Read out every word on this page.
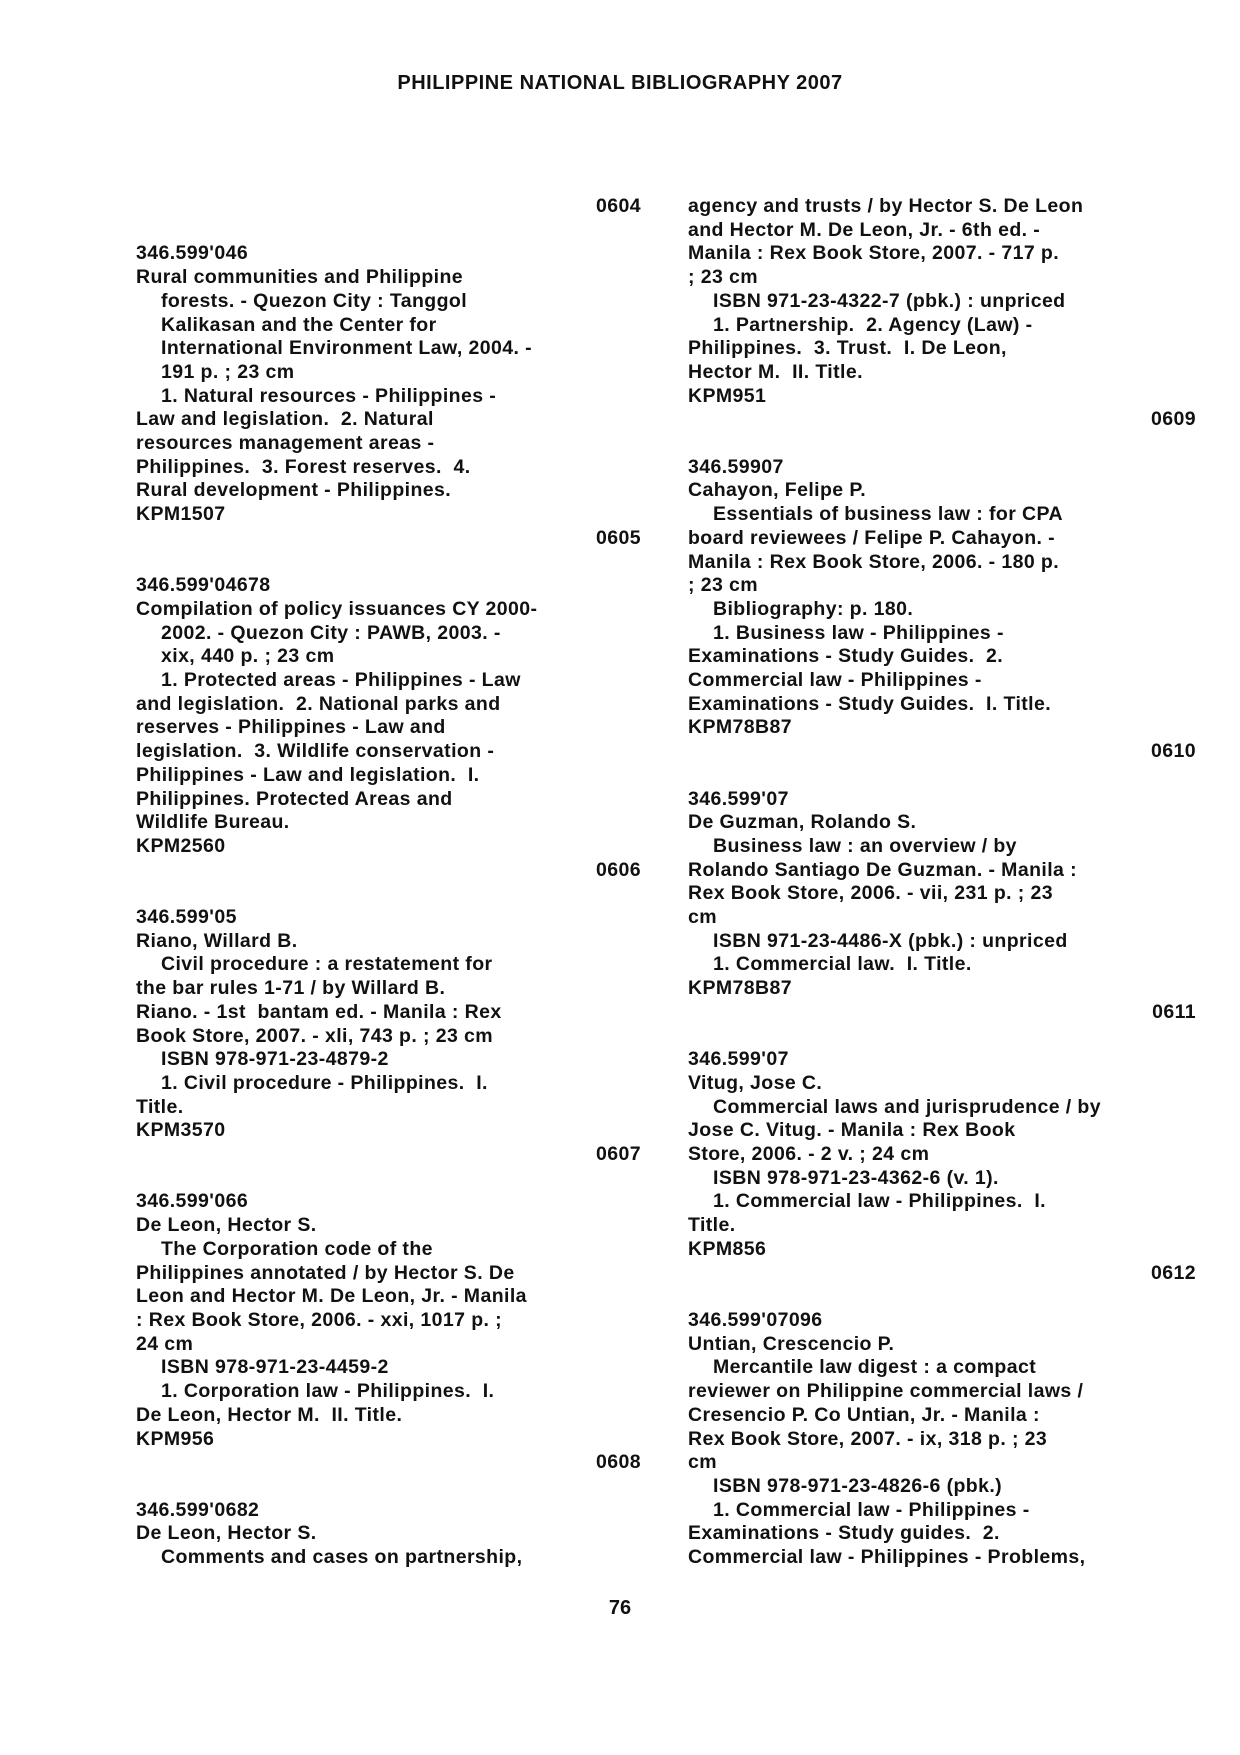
PHILIPPINE NATIONAL BIBLIOGRAPHY 2007
0604
346.599'046
Rural communities and Philippine
forests. - Quezon City : Tanggol
Kalikasan and the Center for
International Environment Law, 2004. -
191 p. ; 23 cm
1. Natural resources - Philippines -
Law and legislation.  2. Natural
resources management areas -
Philippines.  3. Forest reserves.  4.
Rural development - Philippines.
KPM1507
0605
346.599'04678
Compilation of policy issuances CY 2000-
2002. - Quezon City : PAWB, 2003. -
xix, 440 p. ; 23 cm
1. Protected areas - Philippines - Law
and legislation.  2. National parks and
reserves - Philippines - Law and
legislation.  3. Wildlife conservation -
Philippines - Law and legislation.  I.
Philippines. Protected Areas and
Wildlife Bureau.
KPM2560
0606
346.599'05
Riano, Willard B.
Civil procedure : a restatement for
the bar rules 1-71 / by Willard B.
Riano. - 1st  bantam ed. - Manila : Rex
Book Store, 2007. - xli, 743 p. ; 23 cm
ISBN 978-971-23-4879-2
1. Civil procedure - Philippines.  I.
Title.
KPM3570
0607
346.599'066
De Leon, Hector S.
The Corporation code of the
Philippines annotated / by Hector S. De
Leon and Hector M. De Leon, Jr. - Manila
: Rex Book Store, 2006. - xxi, 1017 p. ;
24 cm
ISBN 978-971-23-4459-2
1. Corporation law - Philippines.  I.
De Leon, Hector M.  II. Title.
KPM956
0608
346.599'0682
De Leon, Hector S.
Comments and cases on partnership,
agency and trusts / by Hector S. De Leon
and Hector M. De Leon, Jr. - 6th ed. -
Manila : Rex Book Store, 2007. - 717 p.
; 23 cm
ISBN 971-23-4322-7 (pbk.) : unpriced
1. Partnership.  2. Agency (Law) -
Philippines.  3. Trust.  I. De Leon,
Hector M.  II. Title.
KPM951
0609
346.59907
Cahayon, Felipe P.
Essentials of business law : for CPA
board reviewees / Felipe P. Cahayon. -
Manila : Rex Book Store, 2006. - 180 p.
; 23 cm
Bibliography: p. 180.
1. Business law - Philippines -
Examinations - Study Guides.  2.
Commercial law - Philippines -
Examinations - Study Guides.  I. Title.
KPM78B87
0610
346.599'07
De Guzman, Rolando S.
Business law : an overview / by
Rolando Santiago De Guzman. - Manila :
Rex Book Store, 2006. - vii, 231 p. ; 23
cm
ISBN 971-23-4486-X (pbk.) : unpriced
1. Commercial law.  I. Title.
KPM78B87
0611
346.599'07
Vitug, Jose C.
Commercial laws and jurisprudence / by
Jose C. Vitug. - Manila : Rex Book
Store, 2006. - 2 v. ; 24 cm
ISBN 978-971-23-4362-6 (v. 1).
1. Commercial law - Philippines.  I.
Title.
KPM856
0612
346.599'07096
Untian, Crescencio P.
Mercantile law digest : a compact
reviewer on Philippine commercial laws /
Cresencio P. Co Untian, Jr. - Manila :
Rex Book Store, 2007. - ix, 318 p. ; 23
cm
ISBN 978-971-23-4826-6 (pbk.)
1. Commercial law - Philippines -
Examinations - Study guides.  2.
Commercial law - Philippines - Problems,
76
